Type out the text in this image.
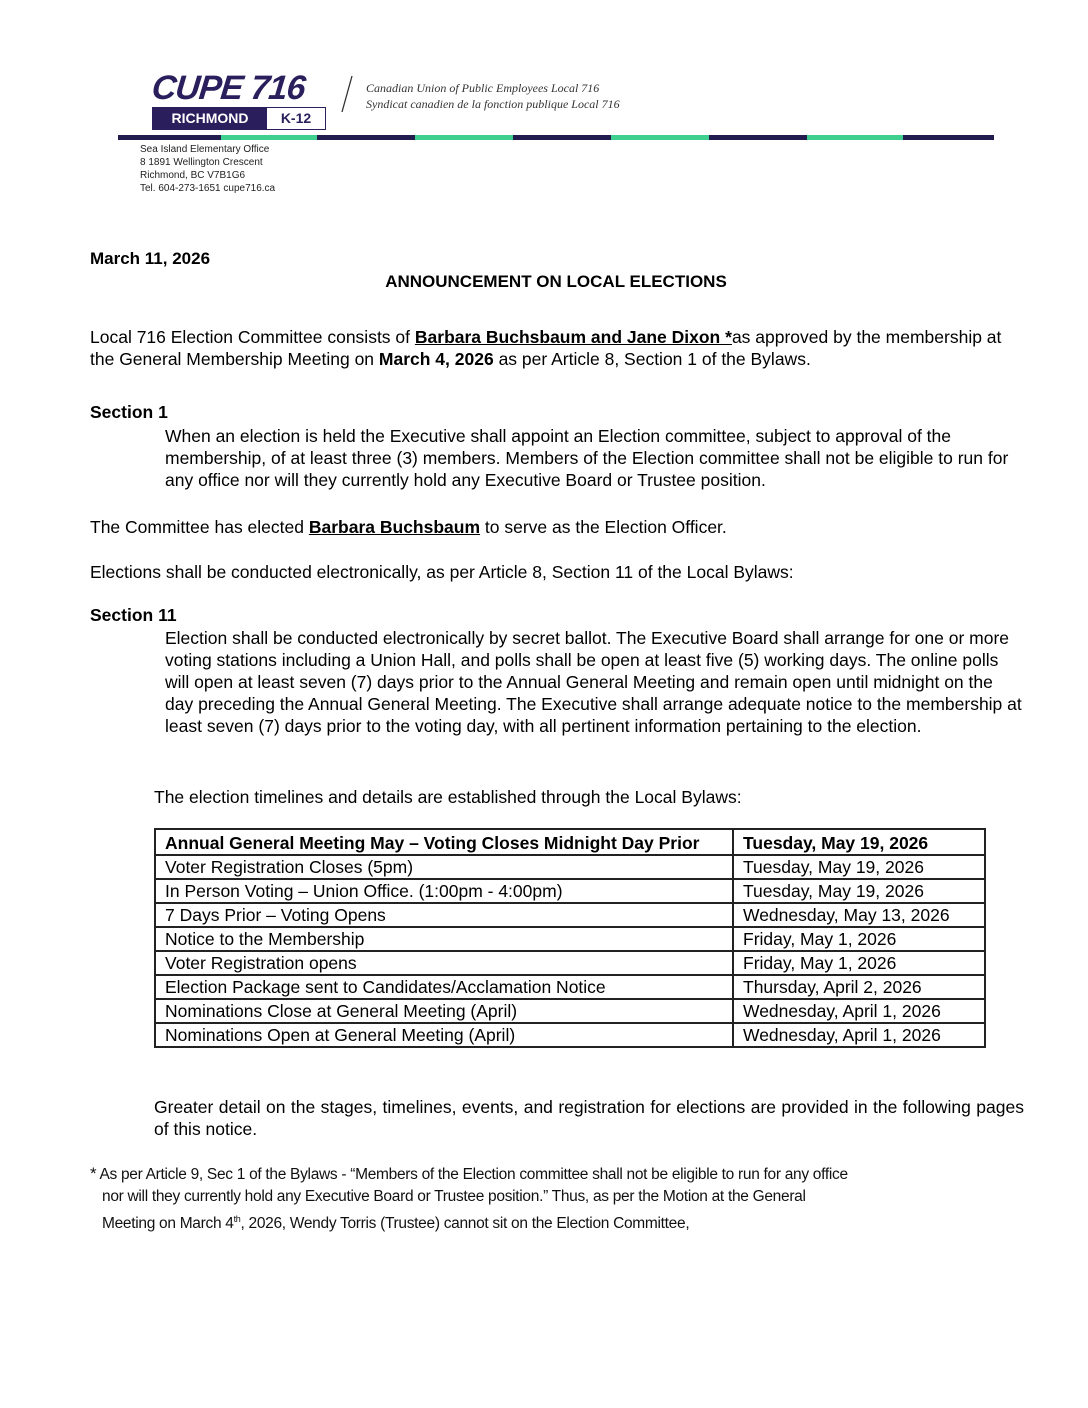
CUPE 716
RICHMOND	K-12
Canadian Union of Public Employees Local 716
Syndicat canadien de la fonction publique Local 716
Sea Island Elementary Office
8 1891 Wellington Crescent
Richmond, BC V7B1G6
Tel. 604-273-1651 cupe716.ca
March 11, 2026
ANNOUNCEMENT ON LOCAL ELECTIONS
Local 716 Election Committee consists of Barbara Buchsbaum and Jane Dixon *as approved by the membership at the General Membership Meeting on March 4, 2026 as per Article 8, Section 1 of the Bylaws.
Section 1
When an election is held the Executive shall appoint an Election committee, subject to approval of the membership, of at least three (3) members. Members of the Election committee shall not be eligible to run for any office nor will they currently hold any Executive Board or Trustee position.
The Committee has elected Barbara Buchsbaum to serve as the Election Officer.
Elections shall be conducted electronically, as per Article 8, Section 11 of the Local Bylaws:
Section 11
Election shall be conducted electronically by secret ballot. The Executive Board shall arrange for one or more voting stations including a Union Hall, and polls shall be open at least five (5) working days. The online polls will open at least seven (7) days prior to the Annual General Meeting and remain open until midnight on the day preceding the Annual General Meeting. The Executive shall arrange adequate notice to the membership at least seven (7) days prior to the voting day, with all pertinent information pertaining to the election.
The election timelines and details are established through the Local Bylaws:
Annual General Meeting May – Voting Closes Midnight Day Prior	Tuesday, May 19, 2026
Voter Registration Closes (5pm)	Tuesday, May 19, 2026
In Person Voting – Union Office. (1:00pm - 4:00pm)	Tuesday, May 19, 2026
7 Days Prior – Voting Opens	Wednesday, May 13, 2026
Notice to the Membership	Friday, May 1, 2026
Voter Registration opens	Friday, May 1, 2026
Election Package sent to Candidates/Acclamation Notice	Thursday, April 2, 2026
Nominations Close at General Meeting (April)	Wednesday, April 1, 2026
Nominations Open at General Meeting (April)	Wednesday, April 1, 2026
Greater detail on the stages, timelines, events, and registration for elections are provided in the following pages of this notice.
* As per Article 9, Sec 1 of the Bylaws - “Members of the Election committee shall not be eligible to run for any office
nor will they currently hold any Executive Board or Trustee position.” Thus, as per the Motion at the General
Meeting on March 4th, 2026, Wendy Torris (Trustee) cannot sit on the Election Committee,
